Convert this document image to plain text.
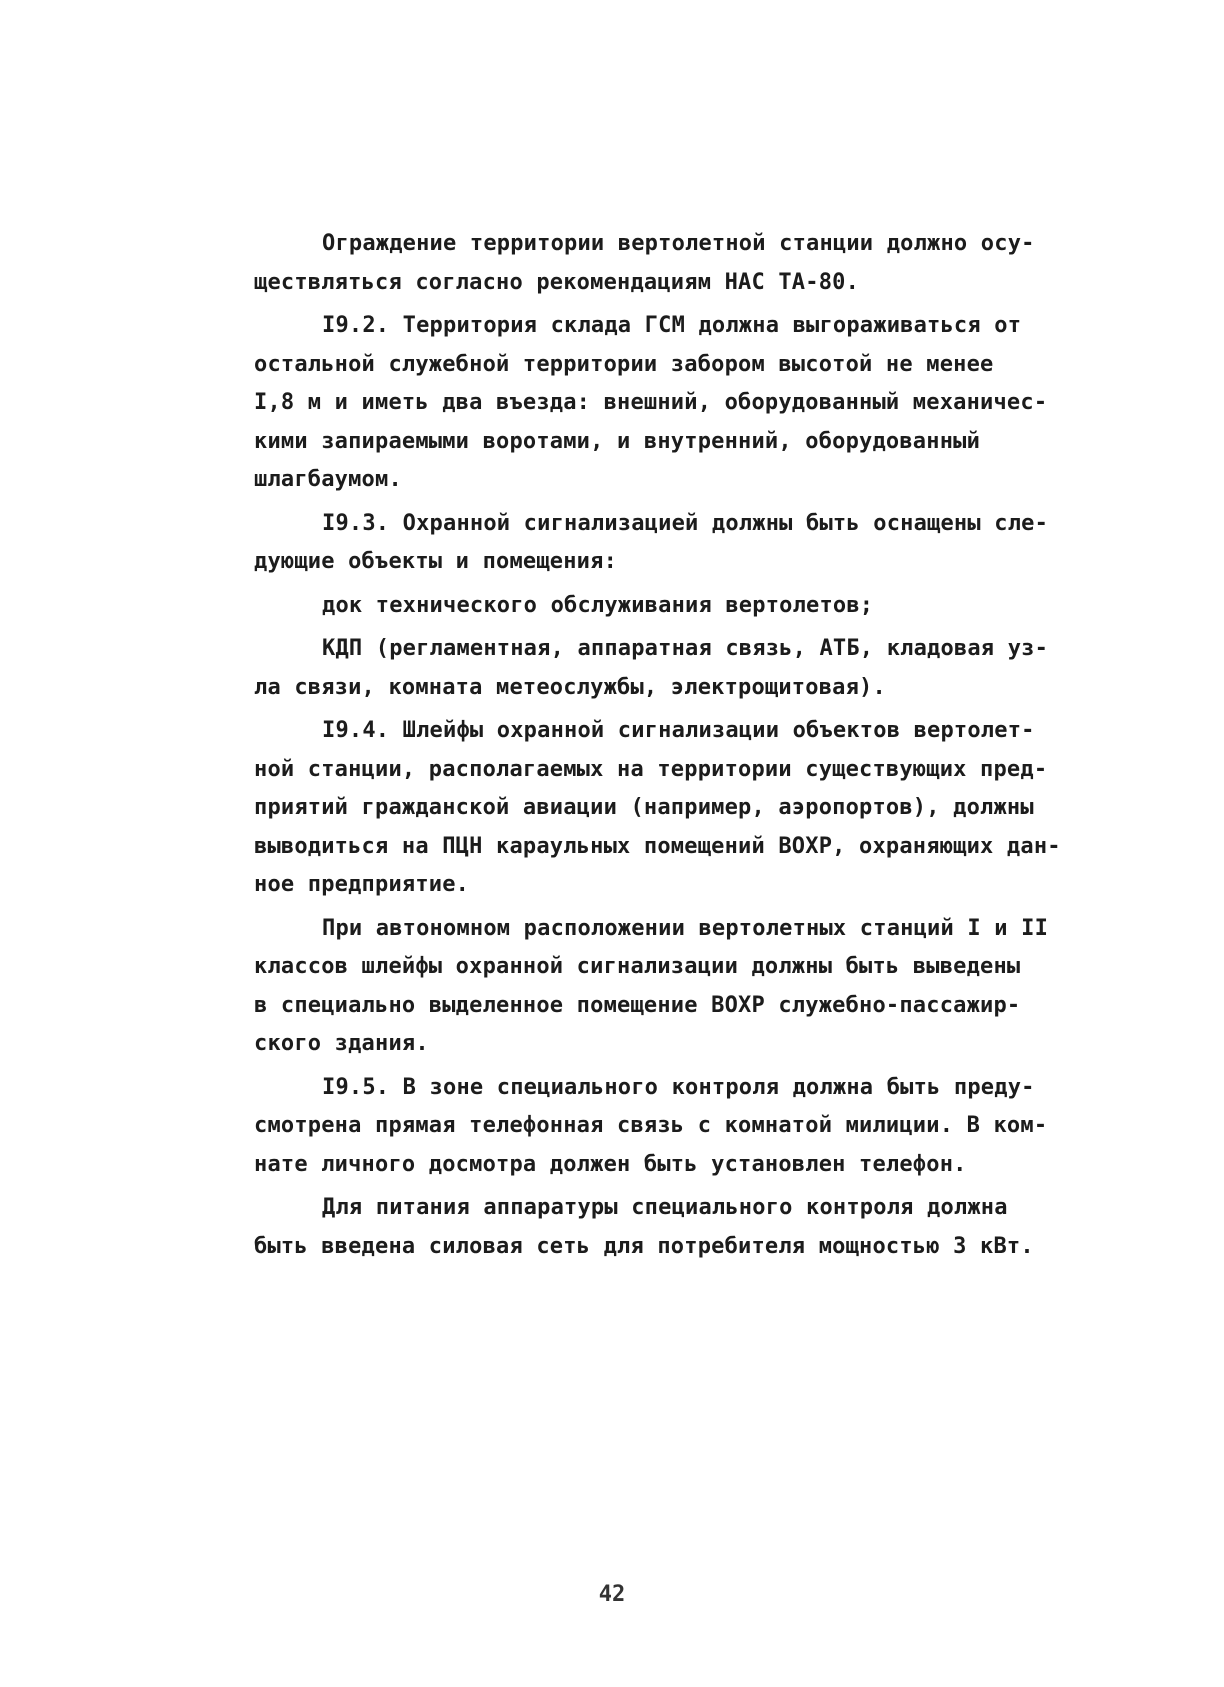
Ограждение территории вертолетной станции должно осу-
ществляться согласно рекомендациям НАС ТА-80.
I9.2. Территория склада ГСМ должна выгораживаться от
остальной служебной территории забором высотой не менее
I,8 м и иметь два въезда: внешний, оборудованный механичес-
кими запираемыми воротами, и внутренний, оборудованный
шлагбаумом.
I9.3. Охранной сигнализацией должны быть оснащены сле-
дующие объекты и помещения:
док технического обслуживания вертолетов;
КДП (регламентная, аппаратная связь, АТБ, кладовая уз-
ла связи, комната метеослужбы, электрощитовая).
I9.4. Шлейфы охранной сигнализации объектов вертолет-
ной станции, располагаемых на территории существующих пред-
приятий гражданской авиации (например, аэропортов), должны
выводиться на ПЦН караульных помещений ВОХР, охраняющих дан-
ное предприятие.
При автономном расположении вертолетных станций I и II
классов шлейфы охранной сигнализации должны быть выведены
в специально выделенное помещение ВОХР служебно-пассажир-
ского здания.
I9.5. В зоне специального контроля должна быть преду-
смотрена прямая телефонная связь с комнатой милиции. В ком-
нате личного досмотра должен быть установлен телефон.
Для питания аппаратуры специального контроля должна
быть введена силовая сеть для потребителя мощностью 3 кВт.
42
